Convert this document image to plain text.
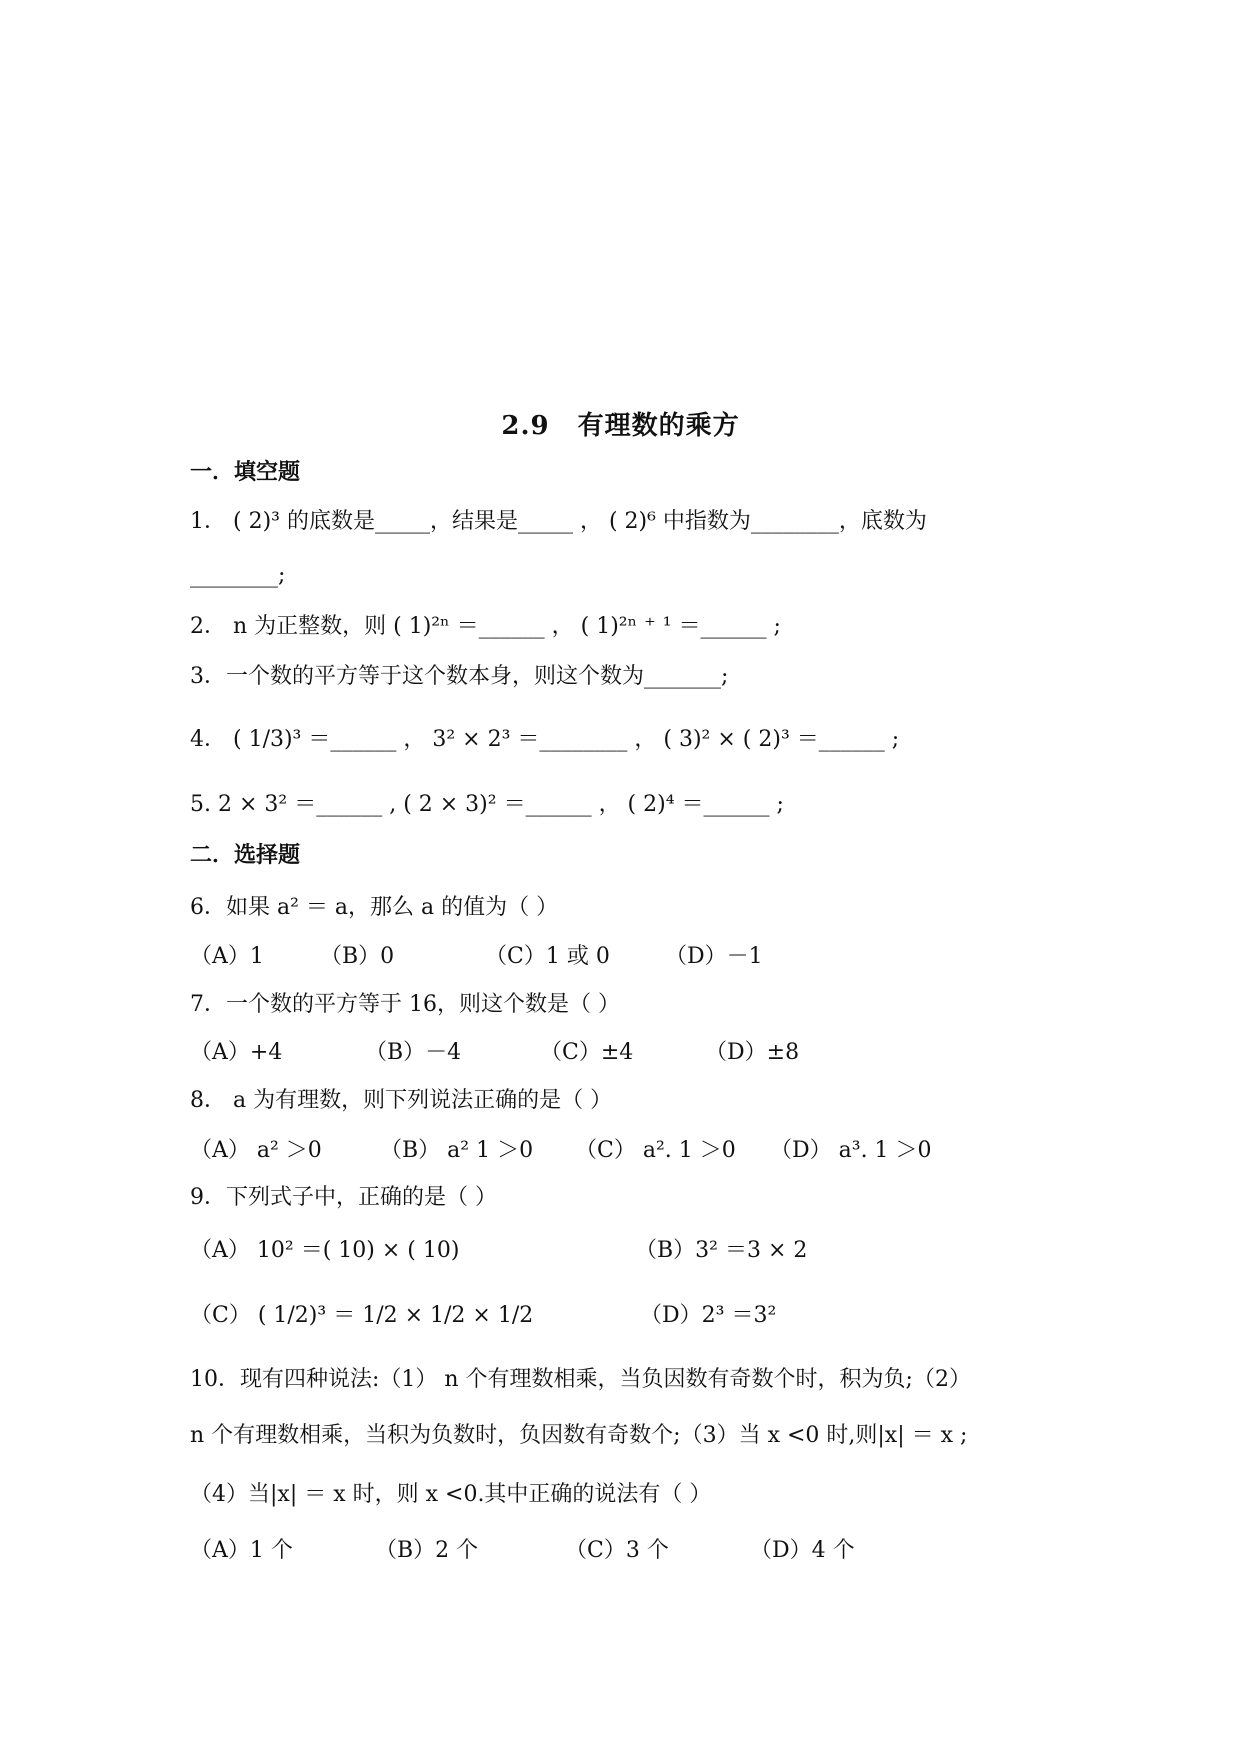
2.9 有理数的乘方
一．填空题
1． ( 2)³ 的底数是_____，结果是_____ ， ( 2)⁶ 中指数为________，底数为
________;
2． n 为正整数，则 ( 1)²ⁿ ＝______ ， ( 1)²ⁿ ⁺ ¹ ＝______ ;
3．一个数的平方等于这个数本身，则这个数为_______;
4． ( 1/3)³ ＝______ ， 3² × 2³ ＝________ ， ( 3)² × ( 2)³ ＝______ ;
5. 2 × 3² ＝______ , ( 2 × 3)² ＝______ ， ( 2)⁴ ＝______ ;
二．选择题
6．如果 a² ＝ a，那么 a 的值为（ ）
（A）1	（B）0	（C）1 或 0	（D）－1
7．一个数的平方等于 16，则这个数是（ ）
（A）+4	（B）－4	（C）±4	（D）±8
8． a 为有理数，则下列说法正确的是（ ）
（A） a² ＞0	（B） a² 1 ＞0 （C） a². 1 ＞0 （D） a³. 1 ＞0
9．下列式子中，正确的是（ ）
（A） 10² ＝( 10) × ( 10)	（B）3² ＝3 × 2
（C） ( 1/2)³ ＝ 1/2 × 1/2 × 1/2	（D）2³ ＝3²
10．现有四种说法:（1） n 个有理数相乘，当负因数有奇数个时，积为负;（2）
n 个有理数相乘，当积为负数时，负因数有奇数个;（3）当 x <0 时,则|x| ＝ x ;
（4）当|x| ＝ x 时，则 x <0.其中正确的说法有（ ）
（A）1 个	（B）2 个	（C）3 个	（D）4 个
